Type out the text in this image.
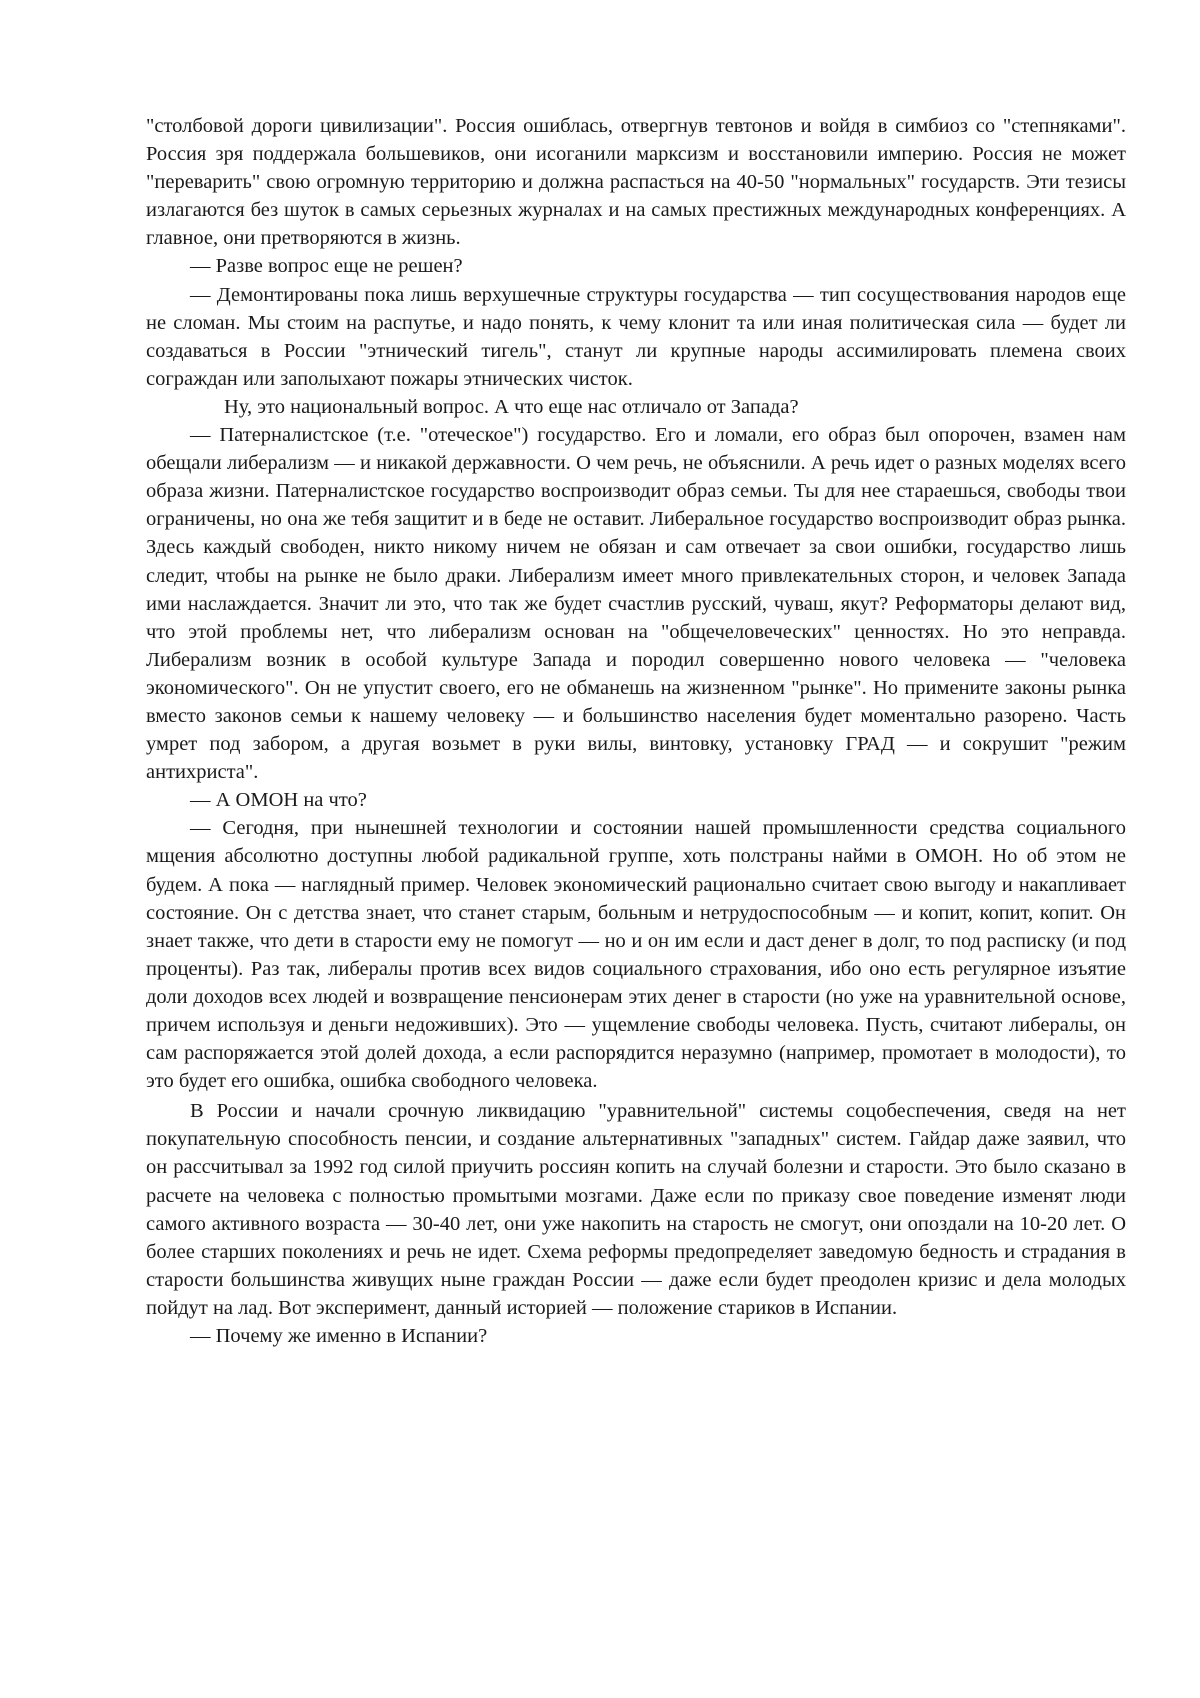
"столбовой дороги цивилизации". Россия ошиблась, отвергнув тевтонов и войдя в симбиоз со "степняками". Россия зря поддержала большевиков, они исоганили марксизм и восстановили империю. Россия не может "переварить" свою огромную территорию и должна распасться на 40-50 "нормальных" государств. Эти тезисы излагаются без шуток в самых серьезных журналах и на самых престижных международных конференциях. А главное, они претворяются в жизнь.

— Разве вопрос еще не решен?

— Демонтированы пока лишь верхушечные структуры государства — тип сосуществования народов еще не сломан. Мы стоим на распутье, и надо понять, к чему клонит та или иная политическая сила — будет ли создаваться в России "этнический тигель", станут ли крупные народы ассимилировать племена своих сограждан или заполыхают пожары этнических чисток.

Ну, это национальный вопрос. А что еще нас отличало от Запада?

— Патерналистское (т.е. "отеческое") государство. Его и ломали, его образ был опорочен, взамен нам обещали либерализм — и никакой державности. О чем речь, не объяснили. А речь идет о разных моделях всего образа жизни. Патерналистское государство воспроизводит образ семьи. Ты для нее стараешься, свободы твои ограничены, но она же тебя защитит и в беде не оставит. Либеральное государство воспроизводит образ рынка. Здесь каждый свободен, никто никому ничем не обязан и сам отвечает за свои ошибки, государство лишь следит, чтобы на рынке не было драки. Либерализм имеет много привлекательных сторон, и человек Запада ими наслаждается. Значит ли это, что так же будет счастлив русский, чуваш, якут? Реформаторы делают вид, что этой проблемы нет, что либерализм основан на "общечеловеческих" ценностях. Но это неправда. Либерализм возник в особой культуре Запада и породил совершенно нового человека — "человека экономического". Он не упустит своего, его не обманешь на жизненном "рынке". Но примените законы рынка вместо законов семьи к нашему человеку — и большинство населения будет моментально разорено. Часть умрет под забором, а другая возьмет в руки вилы, винтовку, установку ГРАД — и сокрушит "режим антихриста".

— А ОМОН на что?

— Сегодня, при нынешней технологии и состоянии нашей промышленности средства социального мщения абсолютно доступны любой радикальной группе, хоть полстраны найми в ОМОН. Но об этом не будем. А пока — наглядный пример. Человек экономический рационально считает свою выгоду и накапливает состояние. Он с детства знает, что станет старым, больным и нетрудоспособным — и копит, копит, копит. Он знает также, что дети в старости ему не помогут — но и он им если и даст денег в долг, то под расписку (и под проценты). Раз так, либералы против всех видов социального страхования, ибо оно есть регулярное изъятие доли доходов всех людей и возвращение пенсионерам этих денег в старости (но уже на уравнительной основе, причем используя и деньги недоживших). Это — ущемление свободы человека. Пусть, считают либералы, он сам распоряжается этой долей дохода, а если распорядится неразумно (например, промотает в молодости), то это будет его ошибка, ошибка свободного человека.

В России и начали срочную ликвидацию "уравнительной" системы соцобеспечения, сведя на нет покупательную способность пенсии, и создание альтернативных "западных" систем. Гайдар даже заявил, что он рассчитывал за 1992 год силой приучить россиян копить на случай болезни и старости. Это было сказано в расчете на человека с полностью промытыми мозгами. Даже если по приказу свое поведение изменят люди самого активного возраста — 30-40 лет, они уже накопить на старость не смогут, они опоздали на 10-20 лет. О более старших поколениях и речь не идет. Схема реформы предопределяет заведомую бедность и страдания в старости большинства живущих ныне граждан России — даже если будет преодолен кризис и дела молодых пойдут на лад. Вот эксперимент, данный историей — положение стариков в Испании.

— Почему же именно в Испании?
